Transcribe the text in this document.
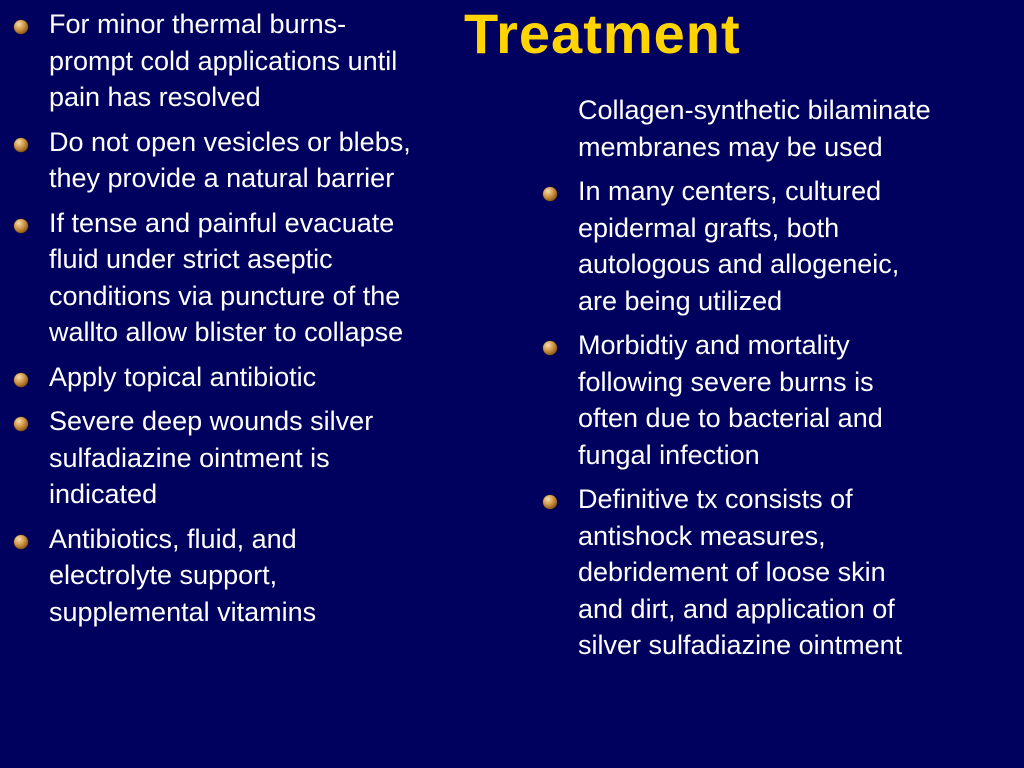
Treatment
For minor thermal burns-prompt cold applications until pain has resolved
Do not open vesicles or blebs, they provide a natural barrier
If tense and painful evacuate fluid under strict aseptic conditions via puncture of the wallto allow blister to collapse
Apply topical antibiotic
Severe deep wounds silver sulfadiazine ointment is indicated
Antibiotics, fluid, and electrolyte support, supplemental vitamins
Collagen-synthetic bilaminate membranes may be used
In many centers, cultured epidermal grafts, both autologous and allogeneic, are being utilized
Morbidtiy and mortality following severe burns is often due to bacterial and fungal infection
Definitive tx consists of antishock measures, debridement of loose skin and dirt, and application of silver sulfadiazine ointment
